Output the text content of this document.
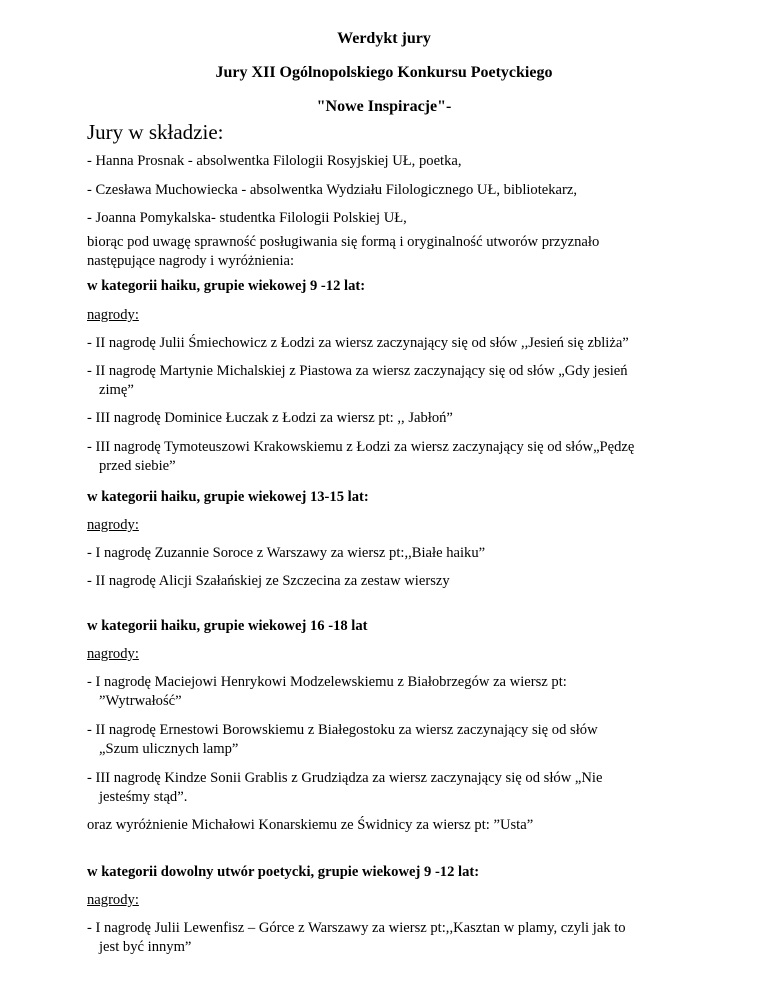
Werdykt jury
Jury XII Ogólnopolskiego Konkursu Poetyckiego
"Nowe Inspiracje"-
Jury w składzie:
- Hanna Prosnak - absolwentka Filologii Rosyjskiej UŁ, poetka,
- Czesława Muchowiecka - absolwentka Wydziału Filologicznego UŁ, bibliotekarz,
- Joanna Pomykalska- studentka Filologii Polskiej UŁ,
biorąc pod uwagę sprawność posługiwania się formą i oryginalność utworów przyznało
następujące nagrody i wyróżnienia:
w kategorii haiku, grupie wiekowej 9 -12 lat:
nagrody:
- II nagrodę Julii Śmiechowicz z Łodzi za wiersz zaczynający się od słów ,,Jesień się zbliża”
- II nagrodę Martynie Michalskiej z Piastowa za wiersz zaczynający się od słów „Gdy jesień
zimę”
- III nagrodę Dominice Łuczak z Łodzi za wiersz pt: ,, Jabłoń”
- III nagrodę Tymoteuszowi Krakowskiemu z Łodzi za wiersz zaczynający się od słów„Pędzę
przed siebie”
w kategorii haiku, grupie wiekowej 13-15 lat:
nagrody:
- I nagrodę Zuzannie Soroce z Warszawy za wiersz pt:,,Białe haiku”
- II nagrodę Alicji Szałańskiej ze Szczecina za zestaw wierszy
w kategorii haiku, grupie wiekowej 16 -18 lat
nagrody:
- I nagrodę Maciejowi Henrykowi Modzelewskiemu z Białobrzegów za wiersz pt:
”Wytrwałość”
- II nagrodę Ernestowi Borowskiemu z Białegostoku za wiersz zaczynający się od słów
„Szum ulicznych lamp”
- III nagrodę Kindze Sonii Grablis z Grudziądza za wiersz zaczynający się od słów „Nie
jesteśmy stąd”.
oraz wyróżnienie Michałowi Konarskiemu ze Świdnicy za wiersz pt: ”Usta”
w kategorii dowolny utwór poetycki, grupie wiekowej 9 -12 lat:
nagrody:
- I nagrodę Julii Lewenfisz – Górce z Warszawy za wiersz pt:,,Kasztan w plamy, czyli jak to
jest być innym”
